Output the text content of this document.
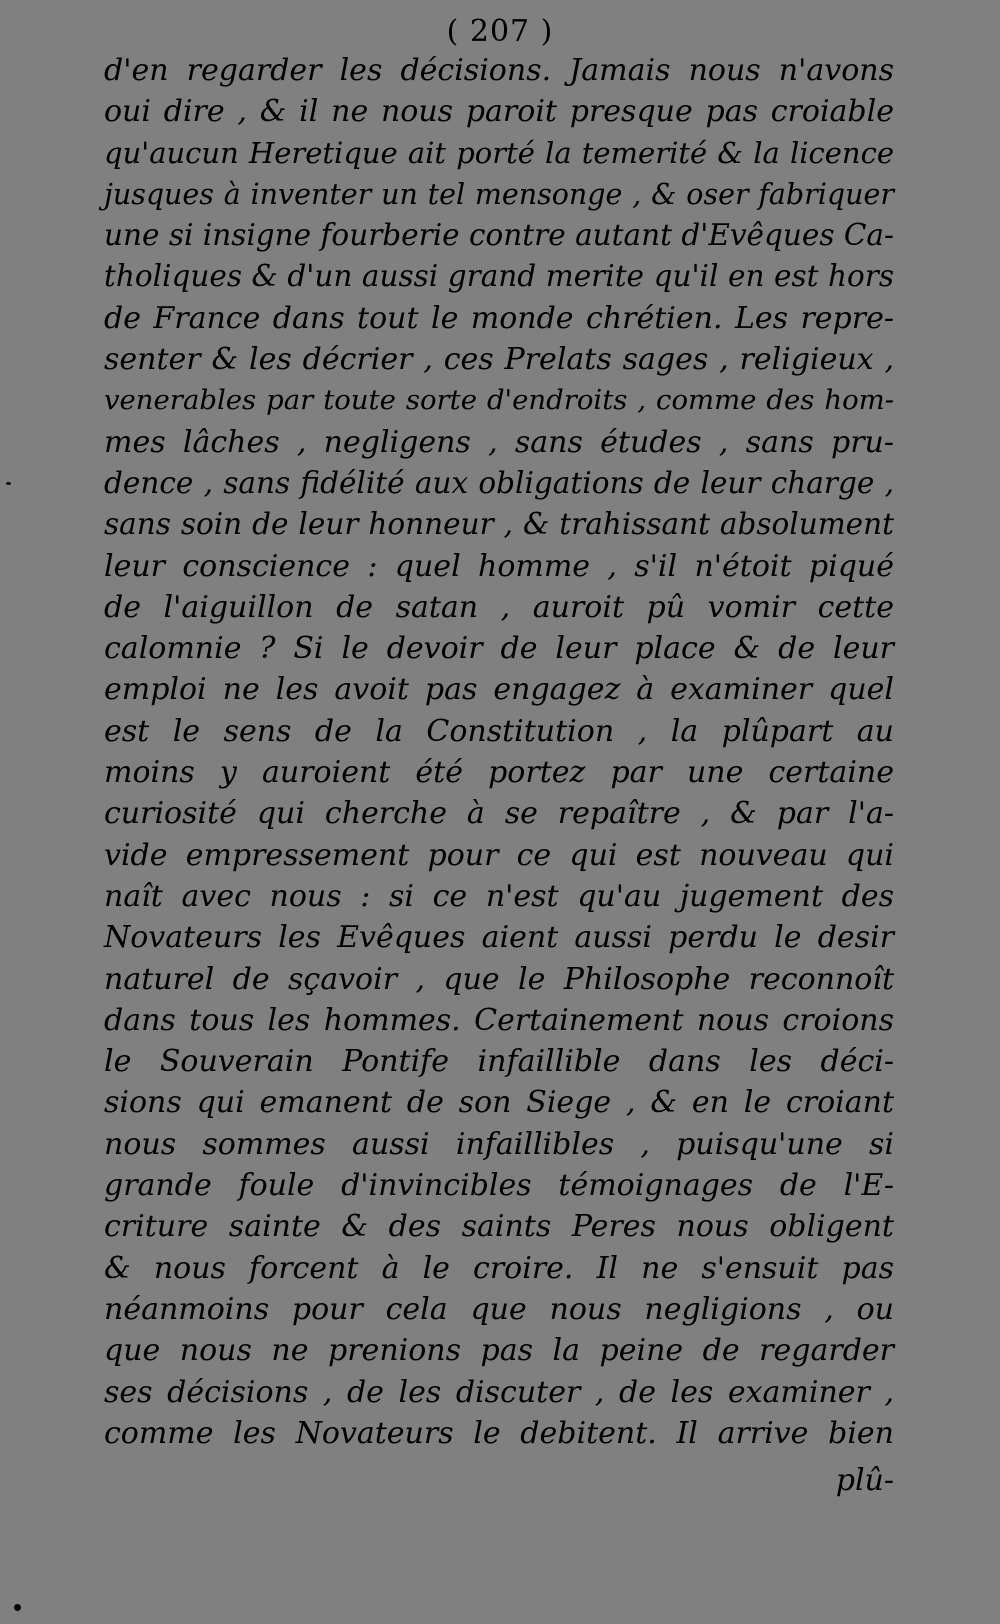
( 207 )
d'en regarder les décisions. Jamais nous n'avons
oui dire , & il ne nous paroit presque pas croiable
qu'aucun Heretique ait porté la temerité & la licence
jusques à inventer un tel mensonge , & oser fabriquer
une si insigne fourberie contre autant d'Evêques Ca-
tholiques & d'un aussi grand merite qu'il en est hors
de France dans tout le monde chrétien. Les repre-
senter & les décrier , ces Prelats sages , religieux ,
venerables par toute sorte d'endroits , comme des hom-
mes lâches , negligens , sans études , sans pru-
dence , sans fidélité aux obligations de leur charge ,
sans soin de leur honneur , & trahissant absolument
leur conscience : quel homme , s'il n'étoit piqué
de l'aiguillon de satan , auroit pû vomir cette
calomnie ? Si le devoir de leur place & de leur
emploi ne les avoit pas engagez à examiner quel
est le sens de la Constitution , la plûpart au
moins y auroient été portez par une certaine
curiosité qui cherche à se repaître , & par l'a-
vide empressement pour ce qui est nouveau qui
naît avec nous : si ce n'est qu'au jugement des
Novateurs les Evêques aient aussi perdu le desir
naturel de sçavoir , que le Philosophe reconnoît
dans tous les hommes. Certainement nous croions
le Souverain Pontife infaillible dans les déci-
sions qui emanent de son Siege , & en le croiant
nous sommes aussi infaillibles , puisqu'une si
grande foule d'invincibles témoignages de l'E-
criture sainte & des saints Peres nous obligent
& nous forcent à le croire. Il ne s'ensuit pas
néanmoins pour cela que nous negligions , ou
que nous ne prenions pas la peine de regarder
ses décisions , de les discuter , de les examiner ,
comme les Novateurs le debitent. Il arrive bien
plû-
